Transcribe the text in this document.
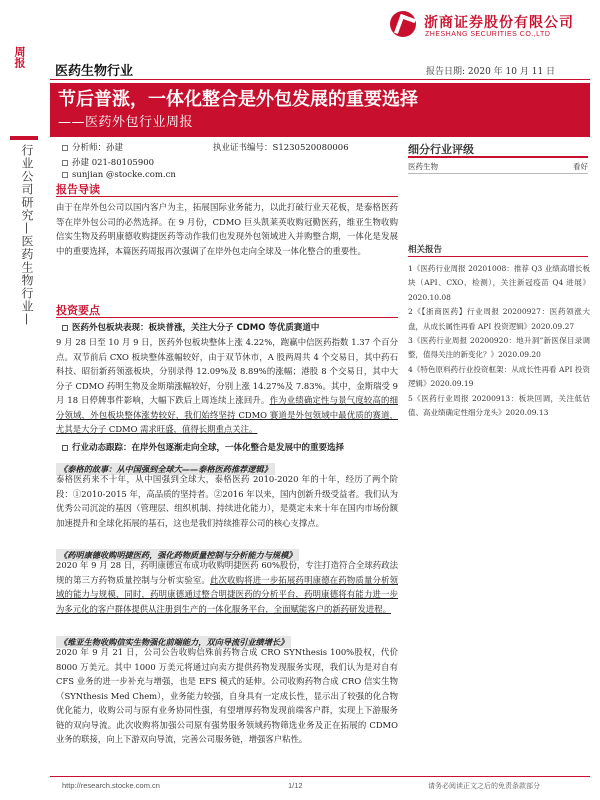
浙商证券股份有限公司
ZHESHANG SECURITIES CO.,LTD
周报
行业公司研究—医药生物行业—
医药生物行业	报告日期: 2020 年 10 月 11 日
节后普涨，一体化整合是外包发展的重要选择
——医药外包行业周报
分析师：孙建	执业证书编号：S1230520080006
孙建 021-80105900
sunjian @stocke.com.cn
细分行业评级
医药生物	看好
相关报告
1《医药行业周报 20201008：推荐 Q3 业绩高增长板块（API、CXO、检测），关注新冠疫苗 Q4 进展》2020.10.08
2《【浙商医药】行业周报 20200927：医药领涨大盘，从成长属性再看 API 投资逻辑》2020.09.27
3《医药行业周报 20200920：地升洞”新医保目录调整，值得关注的新变化？》2020.09.20
4《特色原料药行业投资框架：从成长性再看 API 投资逻辑》2020.09.19
5《医药行业周报 20200913：板块回调，关注低估值、高业绩确定性细分龙头》2020.09.13
报告导读
由于在岸外包公司以国内客户为主，拓展国际业务能力，以此打破行业天花板，是泰格医药等在岸外包公司的必然选择。在 9 月份，CDMO 巨头凯莱英收购冠勤医药，维亚生物收购信实生物及药明康德收购捷医药等动作我们也发现外包领域进入并购整合期，一体化是发展中的重要选择，本篇医药周报再次强调了在岸外包走向全球及一体化整合的重要性。
投资要点
医药外包板块表现：板块普涨，关注大分子 CDMO 等优质赛道中
9 月 28 日至 10 月 9 日，医药外包板块整体上涨 4.22%，跑赢中信医药指数 1.37 个百分点。双节前后 CXO 板块整体涨幅较好，由于双节休市，A 股两周共 4 个交易日，其中药石科技、昭衍新药领涨板块，分别录得 12.09%及 8.89%的涨幅；港股 8 个交易日，其中大分子 CDMO 药明生物及金斯瑞涨幅较好，分别上涨 14.27%及 7.83%。其中，金斯瑞受 9 月 18 日停牌事件影响，大幅下跌后上周连续上涨回升。作为业绩确定性与景气度较高的细分领域，外包板块整体涨势较好，我们始终坚持 CDMO 赛道是外包领域中最优质的赛道，尤其是大分子 CDMO 需求旺盛，值得长期重点关注。
行业动态跟踪：在岸外包逐渐走向全球，一体化整合是发展中的重要选择
《泰格的故事：从中国强到全球大——泰格医药推荐逻辑》
泰格医药来不十年，从中国强到全球大，泰格医药 2010-2020 年的十年，经历了两个阶段：①2010-2015 年，高品质的坚持者。②2016 年以来，国内创新升级受益者。我们认为优秀公司沉淀的基因（管理层、组织机制、持续进化能力），是奠定未来十年在国内市场份额加速提升和全球化拓展的基石，这也是我们持续推荐公司的核心支撑点。
《药明康德收购明捷医药，强化药物质量控制与分析能力与规模》
2020 年 9 月 28 日，药明康德宣布成功收购明捷医药 60%股份，专注打造符合全球药政法规的第三方药物质量控制与分析实验室。此次收购将进一步拓展药明康德在药物质量分析领域的能力与规模，同时，药明康德通过整合明捷医药的分析平台，药明康德将有能力进一步为多元化的客户群体提供从注册到生产的一体化服务平台，全面赋能客户的新药研发进程。
《维亚生物收购信实生物强化前端能力，双向导流引业绩增长》
2020 年 9 月 21 日，公司公告收购信殊前药物合成 CRO SYNthesis 100%股权，代价 8000 万美元。其中 1000 万美元将通过向卖方提供药物发现服务实现，我们认为是对自有 CFS 业务的进一步补充与增强，也是 EFS 模式的延伸。公司收购药物合成 CRO 信实生物（SYNthesis Med Chem），业务能力较强，自身具有一定成长性，显示出了较强的化合物优化能力，收购公司与原有业务协同性强，有望增厚药物发现前端客户群，实现上下游服务链的双向导流。此次收购将加强公司原有强势服务领域药物筛选业务及正在拓展的 CDMO 业务的联接，向上下游双向导流，完善公司服务链，增强客户粘性。
http://research.stocke.com.cn	1/12	请务必阅读正文之后的免责条款部分
